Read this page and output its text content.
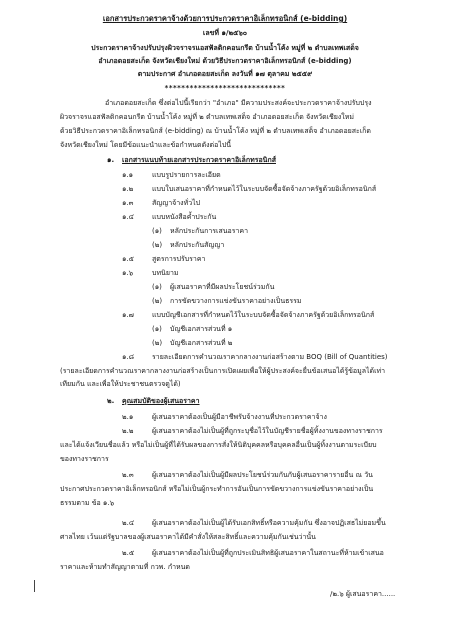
เอกสารประกวดราคาจ้างด้วยการประกวดราคาอิเล็กทรอนิกส์ (e-bidding)
เลขที่ ๑/๒๕๖๐
ประกวดราคาจ้างปรับปรุงผิวจราจรแอสฟัลติกคอนกรีต บ้านน้ำโค้ง หมู่ที่ ๒ ตำบลเทพเสด็จ
อำเภอดอยสะเก็ด จังหวัดเชียงใหม่ ด้วยวิธีประกวดราคาอิเล็กทรอนิกส์ (e-bidding)
ตามประกาศ อำเภอดอยสะเก็ด ลงวันที่ ๑๗ ตุลาคม ๒๕๕๙
*****************************
อำเภอดอยสะเก็ด ซึ่งต่อไปนี้เรียกว่า "อำเภอ" มีความประสงค์จะประกวดราคาจ้างปรับปรุง
ผิวจราจรแอสฟัลติกคอนกรีต บ้านน้ำโค้ง หมู่ที่ ๒ ตำบลเทพเสด็จ อำเภอดอยสะเก็ด จังหวัดเชียงใหม่
ด้วยวิธีประกวดราคาอิเล็กทรอนิกส์ (e-bidding) ณ บ้านน้ำโค้ง หมู่ที่ ๒ ตำบลเทพเสด็จ อำเภอดอยสะเก็ด
จังหวัดเชียงใหม่ โดยมีข้อแนะนำและข้อกำหนดดังต่อไปนี้
๑. เอกสารแนบท้ายเอกสารประกวดราคาอิเล็กทรอนิกส์
๑.๑	แบบรูปรายการละเอียด
๑.๒	แบบใบเสนอราคาที่กำหนดไว้ในระบบจัดซื้อจัดจ้างภาครัฐด้วยอิเล็กทรอนิกส์
๑.๓	สัญญาจ้างทั่วไป
๑.๔	แบบหนังสือค้ำประกัน
(๑) หลักประกันการเสนอราคา
(๒) หลักประกันสัญญา
๑.๕	สูตรการปรับราคา
๑.๖	บทนิยาม
(๑) ผู้เสนอราคาที่มีผลประโยชน์ร่วมกัน
(๒) การขัดขวางการแข่งขันราคาอย่างเป็นธรรม
๑.๗	แบบบัญชีเอกสารที่กำหนดไว้ในระบบจัดซื้อจัดจ้างภาครัฐด้วยอิเล็กทรอนิกส์
(๑) บัญชีเอกสารส่วนที่ ๑
(๒) บัญชีเอกสารส่วนที่ ๒
๑.๘	รายละเอียดการคำนวณราคากลางงานก่อสร้างตาม BOQ (Bill of Quantities)
(รายละเอียดการคำนวณราคากลางงานก่อสร้างเป็นการเปิดเผยเพื่อให้ผู้ประสงค์จะยื่นข้อเสนอได้รู้ข้อมูลได้เท่า
เทียมกัน และเพื่อให้ประชาชนตรวจดูได้)
๒. คุณสมบัติของผู้เสนอราคา
๒.๑	ผู้เสนอราคาต้องเป็นผู้มีอาชีพรับจ้างงานที่ประกวดราคาจ้าง
๒.๒	ผู้เสนอราคาต้องไม่เป็นผู้ที่ถูกระบุชื่อไว้ในบัญชีรายชื่อผู้ทิ้งงานของทางราชการ
และได้แจ้งเวียนชื่อแล้ว หรือไม่เป็นผู้ที่ได้รับผลของการสั่งให้นิติบุคคลหรือบุคคลอื่นเป็นผู้ทิ้งงานตามระเบียบ
ของทางราชการ
๒.๓	ผู้เสนอราคาต้องไม่เป็นผู้มีผลประโยชน์ร่วมกันกับผู้เสนอราคารายอื่น ณ วัน
ประกาศประกวดราคาอิเล็กทรอนิกส์ หรือไม่เป็นผู้กระทำการอันเป็นการขัดขวางการแข่งขันราคาอย่างเป็น
ธรรมตาม ข้อ ๑.๖
๒.๔	ผู้เสนอราคาต้องไม่เป็นผู้ได้รับเอกสิทธิ์หรือความคุ้มกัน ซึ่งอาจปฏิเสธไม่ยอมขึ้น
ศาลไทย เว้นแต่รัฐบาลของผู้เสนอราคาได้มีคำสั่งให้สละสิทธิ์และความคุ้มกันเช่นว่านั้น
๒.๕	ผู้เสนอราคาต้องไม่เป็นผู้ที่ถูกประเมินสิทธิผู้เสนอราคาในสถานะที่ห้ามเข้าเสนอ
ราคาและห้ามทำสัญญาตามที่ กวพ. กำหนด
/๒.๖ ผู้เสนอราคา......
